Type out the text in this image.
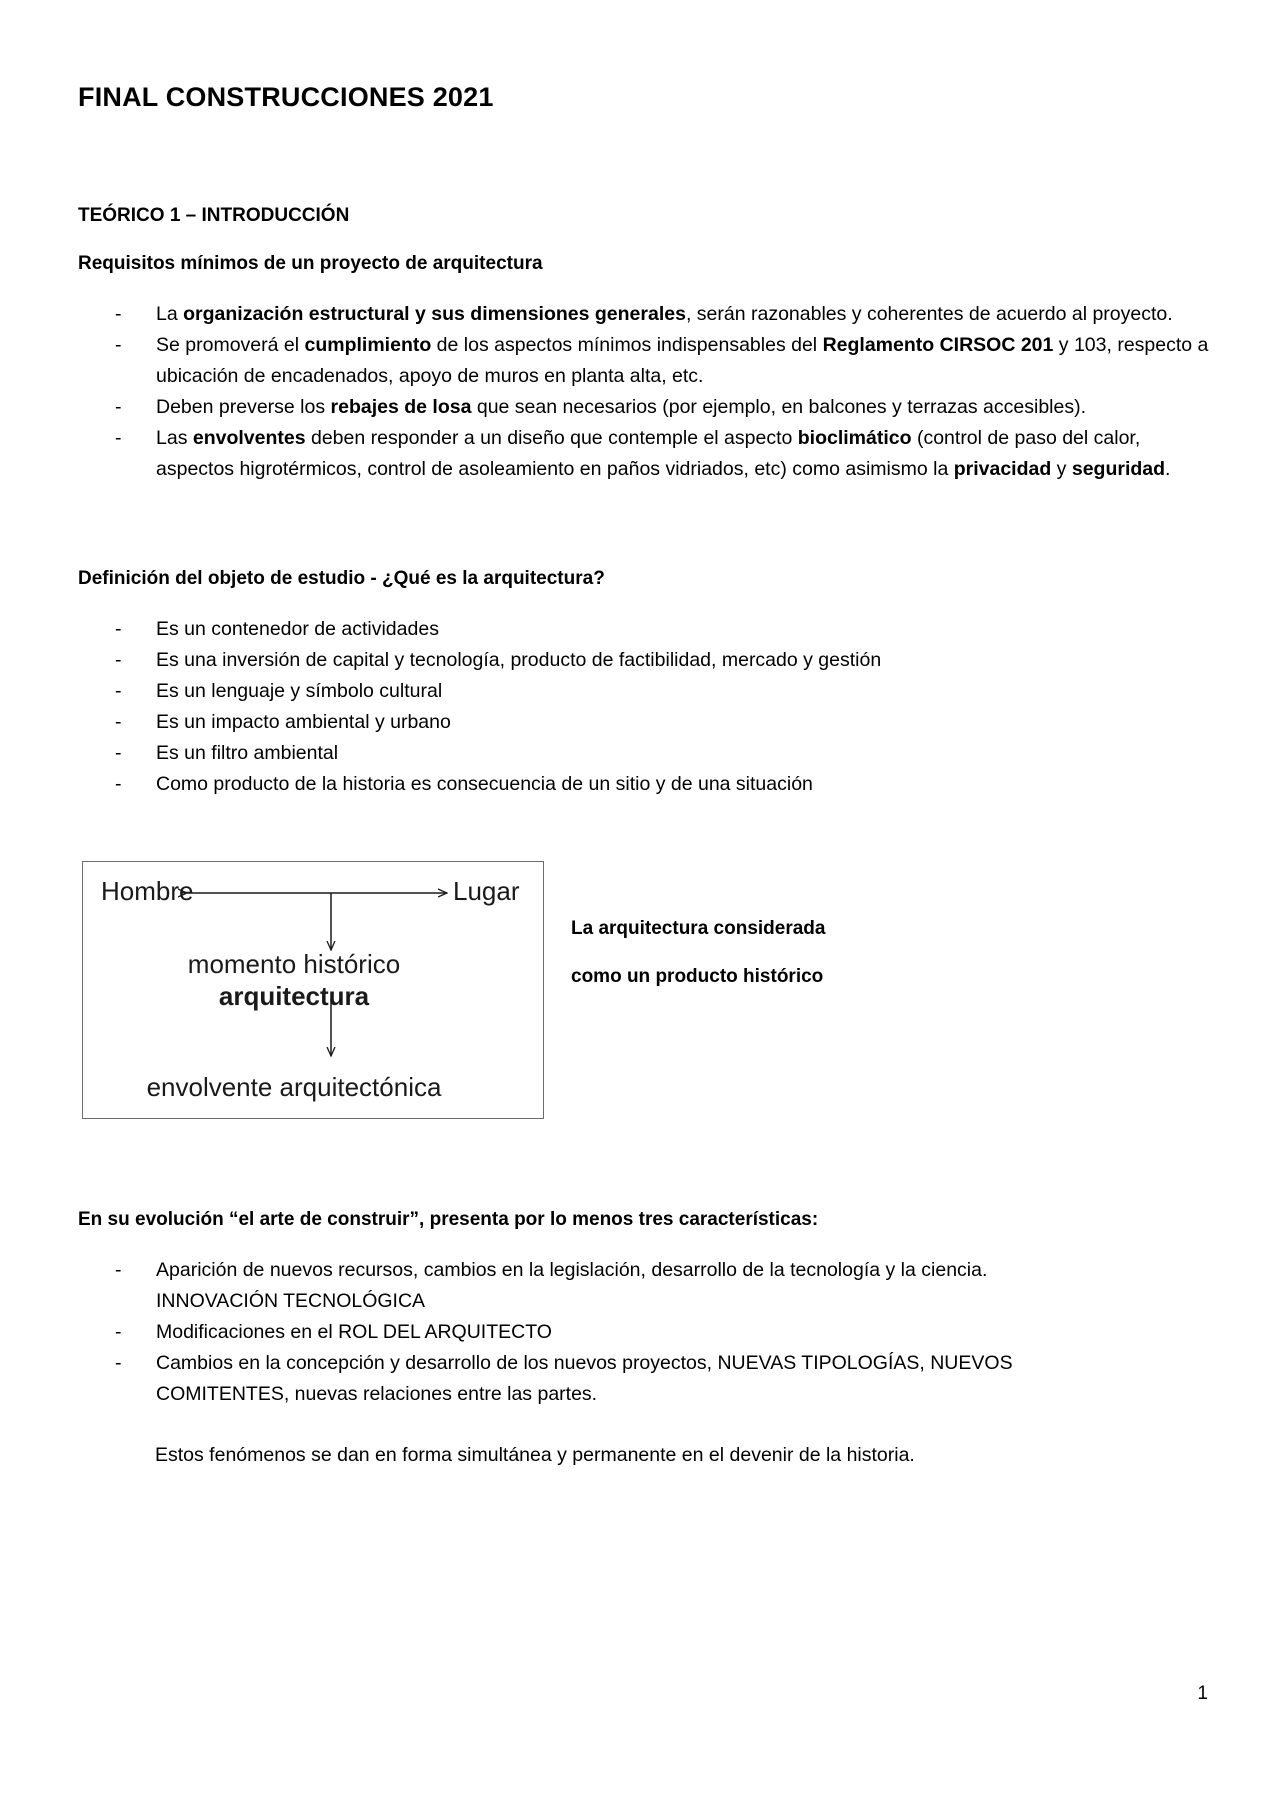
FINAL CONSTRUCCIONES 2021
TEÓRICO 1 – INTRODUCCIÓN
Requisitos mínimos de un proyecto de arquitectura
- La organización estructural y sus dimensiones generales, serán razonables y coherentes de acuerdo al proyecto.
- Se promoverá el cumplimiento de los aspectos mínimos indispensables del Reglamento CIRSOC 201 y 103, respecto a ubicación de encadenados, apoyo de muros en planta alta, etc.
- Deben preverse los rebajes de losa que sean necesarios (por ejemplo, en balcones y terrazas accesibles).
- Las envolventes deben responder a un diseño que contemple el aspecto bioclimático (control de paso del calor, aspectos higrotérmicos, control de asoleamiento en paños vidriados, etc) como asimismo la privacidad y seguridad.
Definición del objeto de estudio - ¿Qué es la arquitectura?
- Es un contenedor de actividades
- Es una inversión de capital y tecnología, producto de factibilidad, mercado y gestión
- Es un lenguaje y símbolo cultural
- Es un impacto ambiental y urbano
- Es un filtro ambiental
- Como producto de la historia es consecuencia de un sitio y de una situación
Hombre	Lugar
momento histórico
arquitectura
envolvente arquitectónica
La arquitectura considerada
como un producto histórico
En su evolución “el arte de construir”, presenta por lo menos tres características:
- Aparición de nuevos recursos, cambios en la legislación, desarrollo de la tecnología y la ciencia. INNOVACIÓN TECNOLÓGICA
- Modificaciones en el ROL DEL ARQUITECTO
- Cambios en la concepción y desarrollo de los nuevos proyectos, NUEVAS TIPOLOGÍAS, NUEVOS COMITENTES, nuevas relaciones entre las partes.
Estos fenómenos se dan en forma simultánea y permanente en el devenir de la historia.
1
